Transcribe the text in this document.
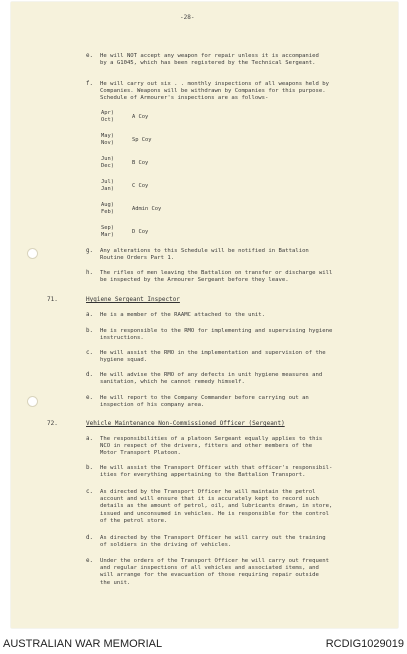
-28-
e. He will NOT accept any weapon for repair unless it is accompanied
by a G1045, which has been registered by the Technical Sergeant.
f. He will carry out six . . monthly inspections of all weapons held by
Companies. Weapons will be withdrawn by Companies for this purpose.
Schedule of Armourer's inspections are as follows-
g. Any alterations to this Schedule will be notified in Battalion
Routine Orders Part 1.
h. The rifles of men leaving the Battalion on transfer or discharge will
be inspected by the Armourer Sergeant before they leave.
a. He is a member of the RAAMC attached to the unit.
b. He is responsible to the RMO for implementing and supervising hygiene
instructions.
c. He will assist the RMO in the implementation and supervision of the
hygiene squad.
d. He will advise the RMO of any defects in unit hygiene measures and
sanitation, which he cannot remedy himself.
e. He will report to the Company Commander before carrying out an
inspection of his company area.
a. The responsibilities of a platoon Sergeant equally applies to this
NCO in respect of the drivers, fitters and other members of the
Motor Transport Platoon.
b. He will assist the Transport Officer with that officer's responsibil-
ities for everything appertaining to the Battalion Transport.
c. As directed by the Transport Officer he will maintain the petrol
account and will ensure that it is accurately kept to record such
details as the amount of petrol, oil, and lubricants drawn, in store,
issued and unconsumed in vehicles. He is responsible for the control
of the petrol store.
d. As directed by the Transport Officer he will carry out the training
of soldiers in the driving of vehicles.
e. Under the orders of the Transport Officer he will carry out frequent
and regular inspections of all vehicles and associated items, and
will arrange for the evacuation of those requiring repair outside
the unit.
Apr)
Oct)	A Coy
May)
Nov)	Sp Coy
Jun)
Dec)	B Coy
Jul)
Jan)	C Coy
Aug)
Feb)	Admin Coy
Sep)
Mar)	D Coy
71.	Hygiene Sergeant Inspector
72.	Vehicle Maintenance Non-Commissioned Officer (Sergeant)
AUSTRALIAN WAR MEMORIAL	RCDIG1029019
